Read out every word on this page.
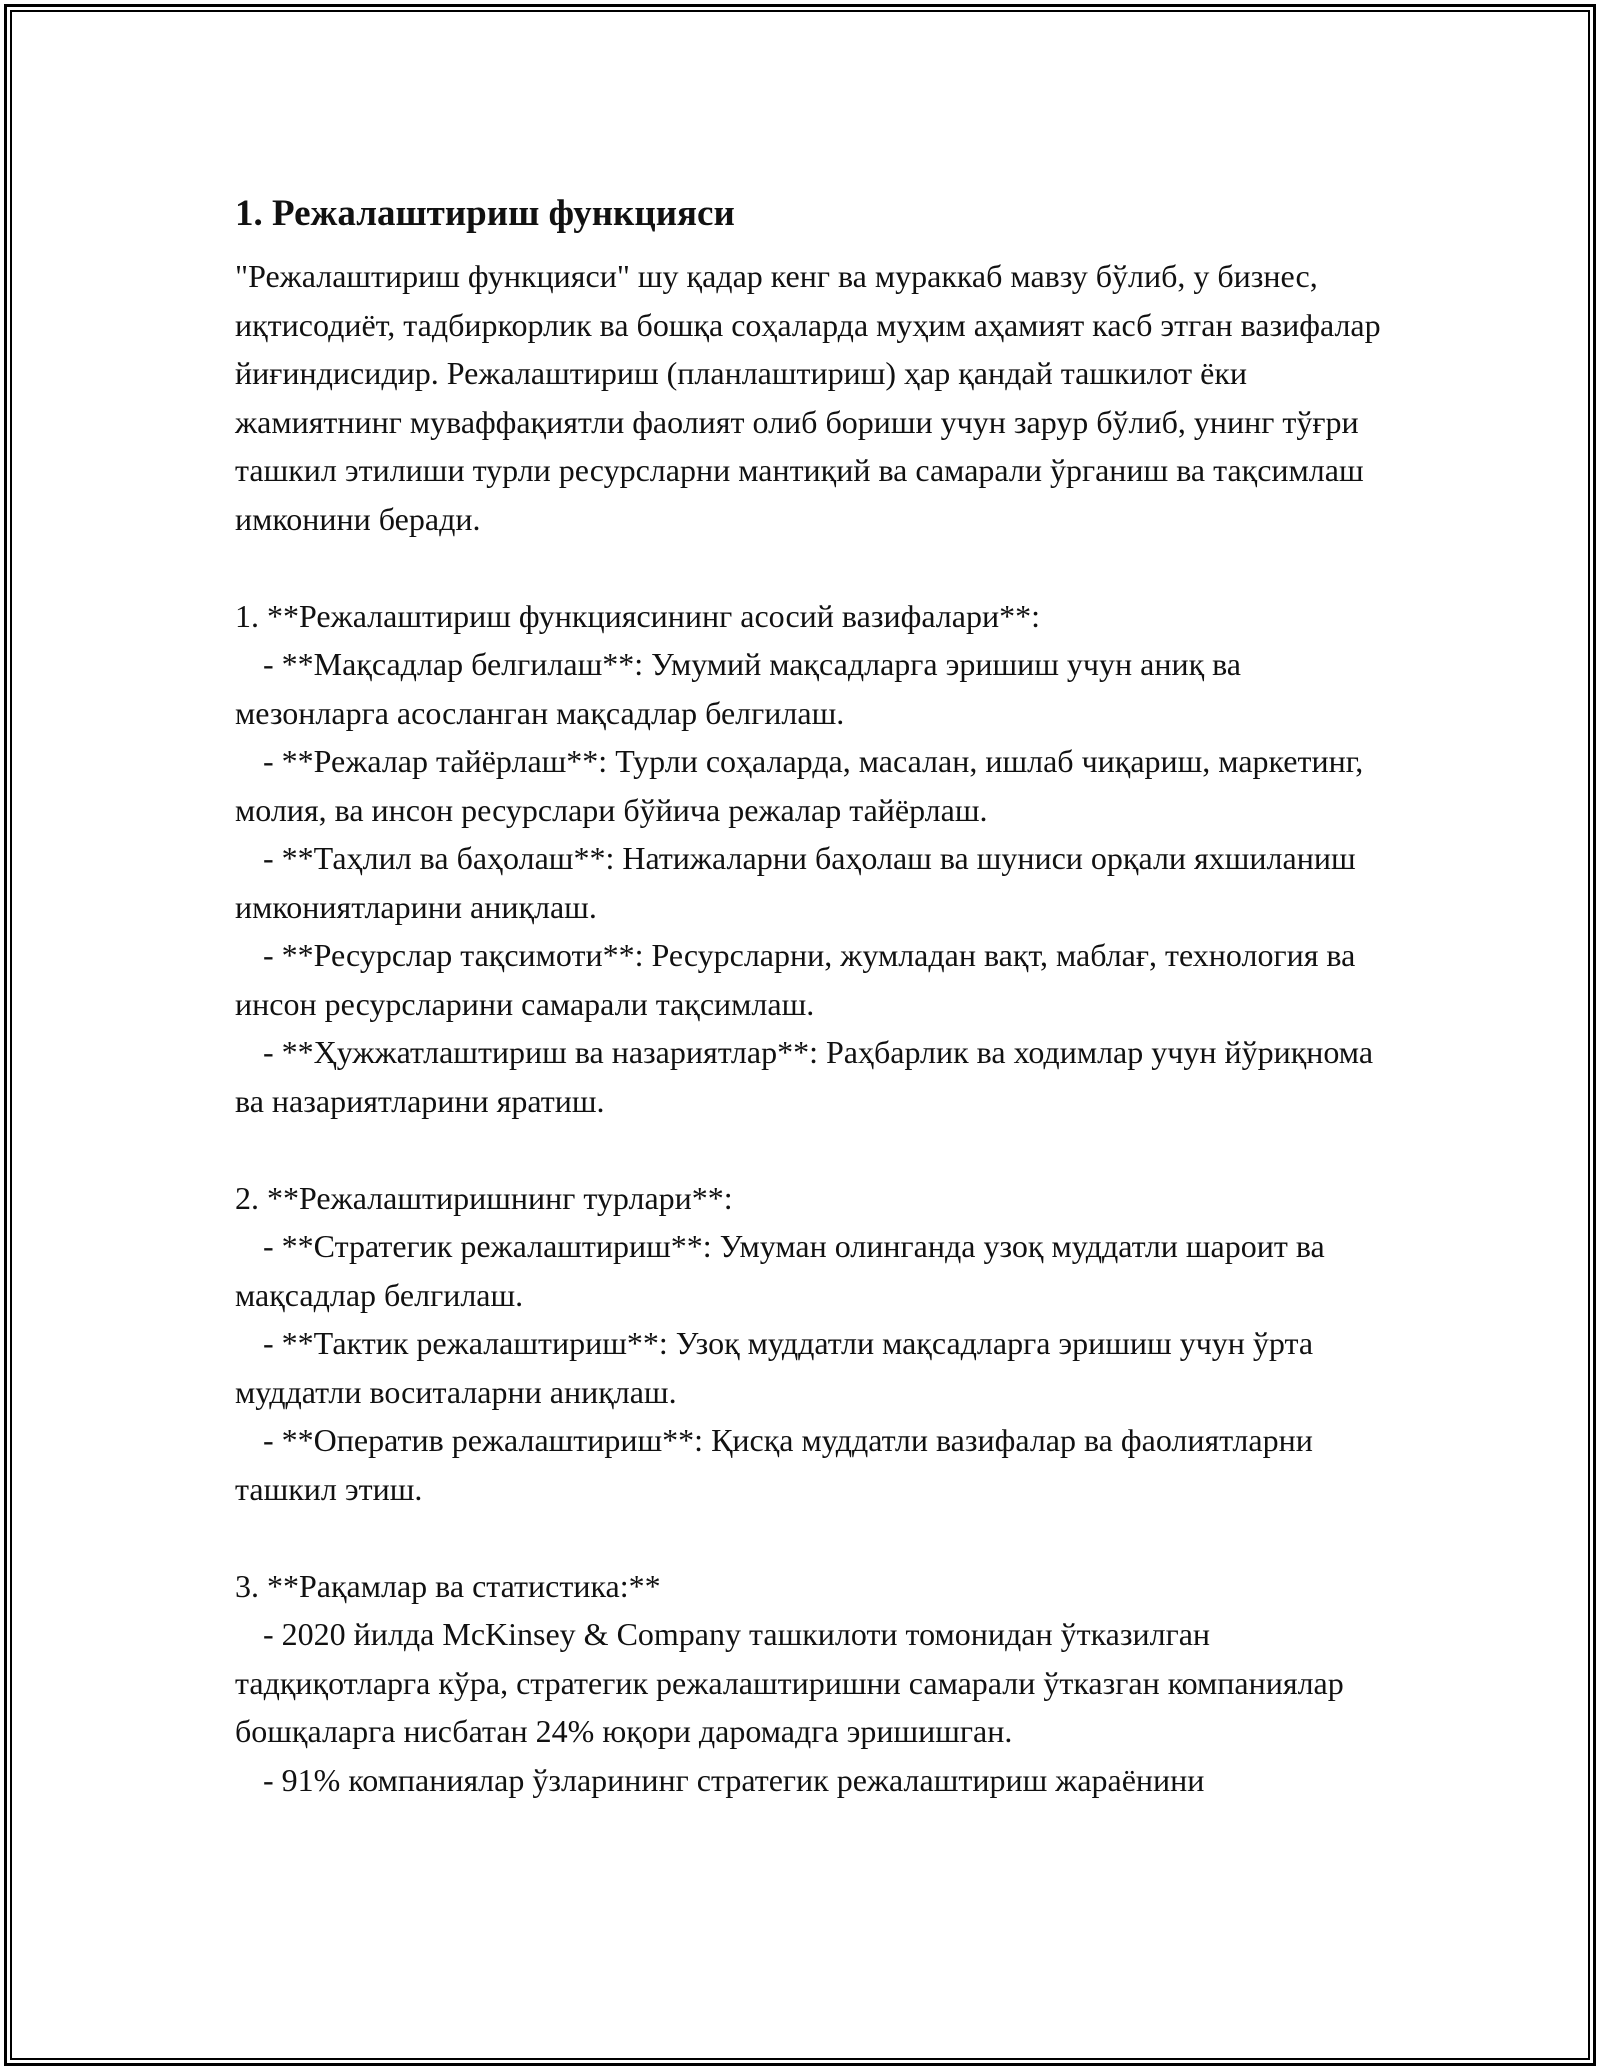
1. Режалаштириш функцияси

"Режалаштириш функцияси" шу қадар кенг ва мураккаб мавзу бўлиб, у бизнес, иқтисодиёт, тадбиркорлик ва бошқа соҳаларда муҳим аҳамият касб этган вазифалар йиғиндисидир. Режалаштириш (планлаштириш) ҳар қандай ташкилот ёки жамиятнинг муваффақиятли фаолият олиб бориши учун зарур бўлиб, унинг тўғри ташкил этилиши турли ресурсларни мантиқий ва самарали ўрганиш ва тақсимлаш имконини беради.

1. **Режалаштириш функциясининг асосий вазифалари**:
- **Мақсадлар белгилаш**: Умумий мақсадларга эришиш учун аниқ ва мезонларга асосланган мақсадлар белгилаш.
- **Режалар тайёрлаш**: Турли соҳаларда, масалан, ишлаб чиқариш, маркетинг, молия, ва инсон ресурслари бўйича режалар тайёрлаш.
- **Таҳлил ва баҳолаш**: Натижаларни баҳолаш ва шуниси орқали яхшиланиш имкониятларини аниқлаш.
- **Ресурслар тақсимоти**: Ресурсларни, жумладан вақт, маблағ, технология ва инсон ресурсларини самарали тақсимлаш.
- **Ҳужжатлаштириш ва назариятлар**: Раҳбарлик ва ходимлар учун йўриқнома ва назариятларини яратиш.
2. **Режалаштиришнинг турлари**:
- **Стратегик режалаштириш**: Умуман олинганда узоқ муддатли шароит ва мақсадлар белгилаш.
- **Тактик режалаштириш**: Узоқ муддатли мақсадларга эришиш учун ўрта муддатли воситаларни аниқлаш.
- **Оператив режалаштириш**: Қисқа муддатли вазифалар ва фаолиятларни ташкил этиш.
3. **Рақамлар ва статистика:**
- 2020 йилда McKinsey & Company ташкилоти томонидан ўтказилган тадқиқотларга кўра, стратегик режалаштиришни самарали ўтказган компаниялар бошқаларга нисбатан 24% юқори даромадга эришишган.
- 91% компаниялар ўзларининг стратегик режалаштириш жараёнини
